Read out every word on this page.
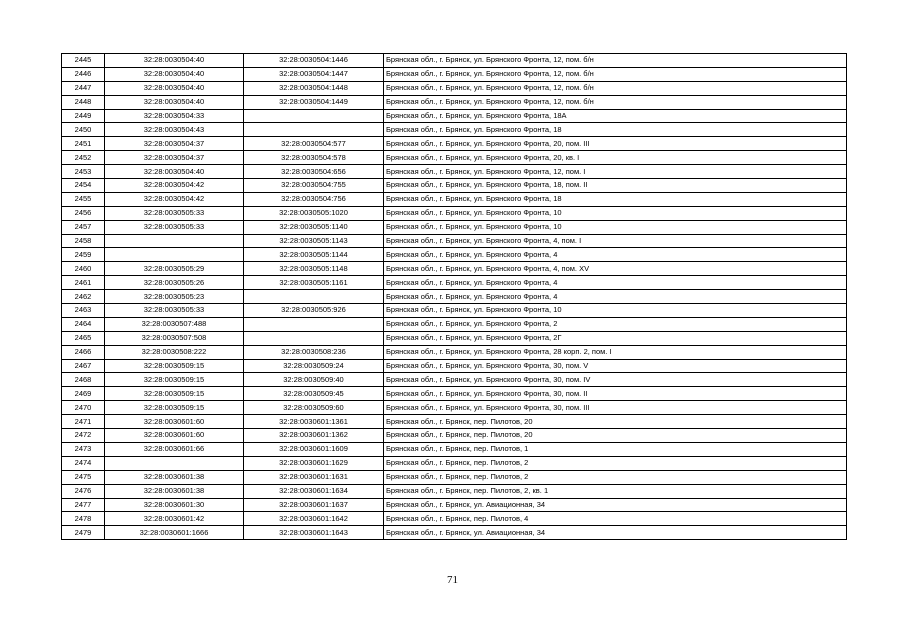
2445	32:28:0030504:40	32:28:0030504:1446	Брянская обл., г. Брянск, ул. Брянского Фронта, 12, пом. б/н
2446	32:28:0030504:40	32:28:0030504:1447	Брянская обл., г. Брянск, ул. Брянского Фронта, 12, пом. б/н
2447	32:28:0030504:40	32:28:0030504:1448	Брянская обл., г. Брянск, ул. Брянского Фронта, 12, пом. б/н
2448	32:28:0030504:40	32:28:0030504:1449	Брянская обл., г. Брянск, ул. Брянского Фронта, 12, пом. б/н
2449	32:28:0030504:33		Брянская обл., г. Брянск, ул. Брянского Фронта, 18А
2450	32:28:0030504:43		Брянская обл., г. Брянск, ул. Брянского Фронта, 18
2451	32:28:0030504:37	32:28:0030504:577	Брянская обл., г. Брянск, ул. Брянского Фронта, 20, пом. III
2452	32:28:0030504:37	32:28:0030504:578	Брянская обл., г. Брянск, ул. Брянского Фронта, 20, кв. I
2453	32:28:0030504:40	32:28:0030504:656	Брянская обл., г. Брянск, ул. Брянского Фронта, 12, пом. I
2454	32:28:0030504:42	32:28:0030504:755	Брянская обл., г. Брянск, ул. Брянского Фронта, 18, пом. II
2455	32:28:0030504:42	32:28:0030504:756	Брянская обл., г. Брянск, ул. Брянского Фронта, 18
2456	32:28:0030505:33	32:28:0030505:1020	Брянская обл., г. Брянск, ул. Брянского Фронта, 10
2457	32:28:0030505:33	32:28:0030505:1140	Брянская обл., г. Брянск, ул. Брянского Фронта, 10
2458		32:28:0030505:1143	Брянская обл., г. Брянск, ул. Брянского Фронта, 4, пом. I
2459		32:28:0030505:1144	Брянская обл., г. Брянск, ул. Брянского Фронта, 4
2460	32:28:0030505:29	32:28:0030505:1148	Брянская обл., г. Брянск, ул. Брянского Фронта, 4, пом. XV
2461	32:28:0030505:26	32:28:0030505:1161	Брянская обл., г. Брянск, ул. Брянского Фронта, 4
2462	32:28:0030505:23		Брянская обл., г. Брянск, ул. Брянского Фронта, 4
2463	32:28:0030505:33	32:28:0030505:926	Брянская обл., г. Брянск, ул. Брянского Фронта, 10
2464	32:28:0030507:488		Брянская обл., г. Брянск, ул. Брянского Фронта, 2
2465	32:28:0030507:508		Брянская обл., г. Брянск, ул. Брянского Фронта, 2Г
2466	32:28:0030508:222	32:28:0030508:236	Брянская обл., г. Брянск, ул. Брянского Фронта, 28 корп. 2, пом. I
2467	32:28:0030509:15	32:28:0030509:24	Брянская обл., г. Брянск, ул. Брянского Фронта, 30, пом. V
2468	32:28:0030509:15	32:28:0030509:40	Брянская обл., г. Брянск, ул. Брянского Фронта, 30, пом. IV
2469	32:28:0030509:15	32:28:0030509:45	Брянская обл., г. Брянск, ул. Брянского Фронта, 30, пом. II
2470	32:28:0030509:15	32:28:0030509:60	Брянская обл., г. Брянск, ул. Брянского Фронта, 30, пом. III
2471	32:28:0030601:60	32:28:0030601:1361	Брянская обл., г. Брянск, пер. Пилотов, 20
2472	32:28:0030601:60	32:28:0030601:1362	Брянская обл., г. Брянск, пер. Пилотов, 20
2473	32:28:0030601:66	32:28:0030601:1609	Брянская обл., г. Брянск, пер. Пилотов, 1
2474		32:28:0030601:1629	Брянская обл., г. Брянск, пер. Пилотов, 2
2475	32:28:0030601:38	32:28:0030601:1631	Брянская обл., г. Брянск, пер. Пилотов, 2
2476	32:28:0030601:38	32:28:0030601:1634	Брянская обл., г. Брянск, пер. Пилотов, 2, кв. 1
2477	32:28:0030601:30	32:28:0030601:1637	Брянская обл., г. Брянск, ул. Авиационная, 34
2478	32:28:0030601:42	32:28:0030601:1642	Брянская обл., г. Брянск, пер. Пилотов, 4
2479	32:28:0030601:1666	32:28:0030601:1643	Брянская обл., г. Брянск, ул. Авиационная, 34
71
